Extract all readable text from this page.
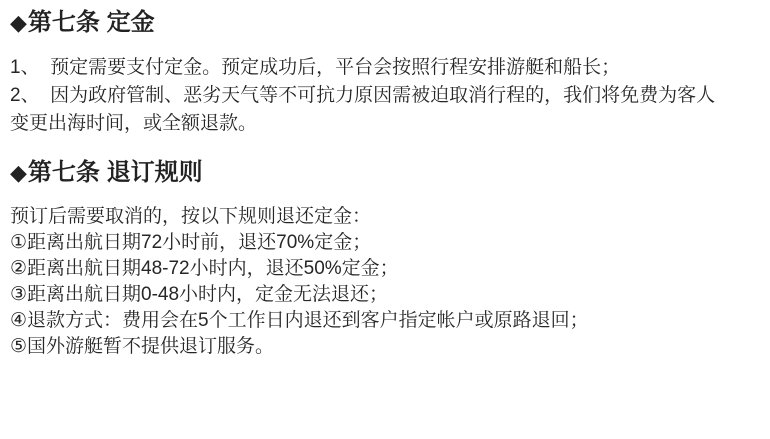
◆第七条 定金

1、  预定需要支付定金。预定成功后，平台会按照行程安排游艇和船长；

2、  因为政府管制、恶劣天气等不可抗力原因需被迫取消行程的，我们将免费为客人

变更出海时间，或全额退款。

◆第七条 退订规则

预订后需要取消的，按以下规则退还定金：

①距离出航日期72小时前，退还70%定金；

②距离出航日期48-72小时内，退还50%定金；

③距离出航日期0-48小时内，定金无法退还；

④退款方式：费用会在5个工作日内退还到客户指定帐户或原路退回；

⑤国外游艇暂不提供退订服务。
